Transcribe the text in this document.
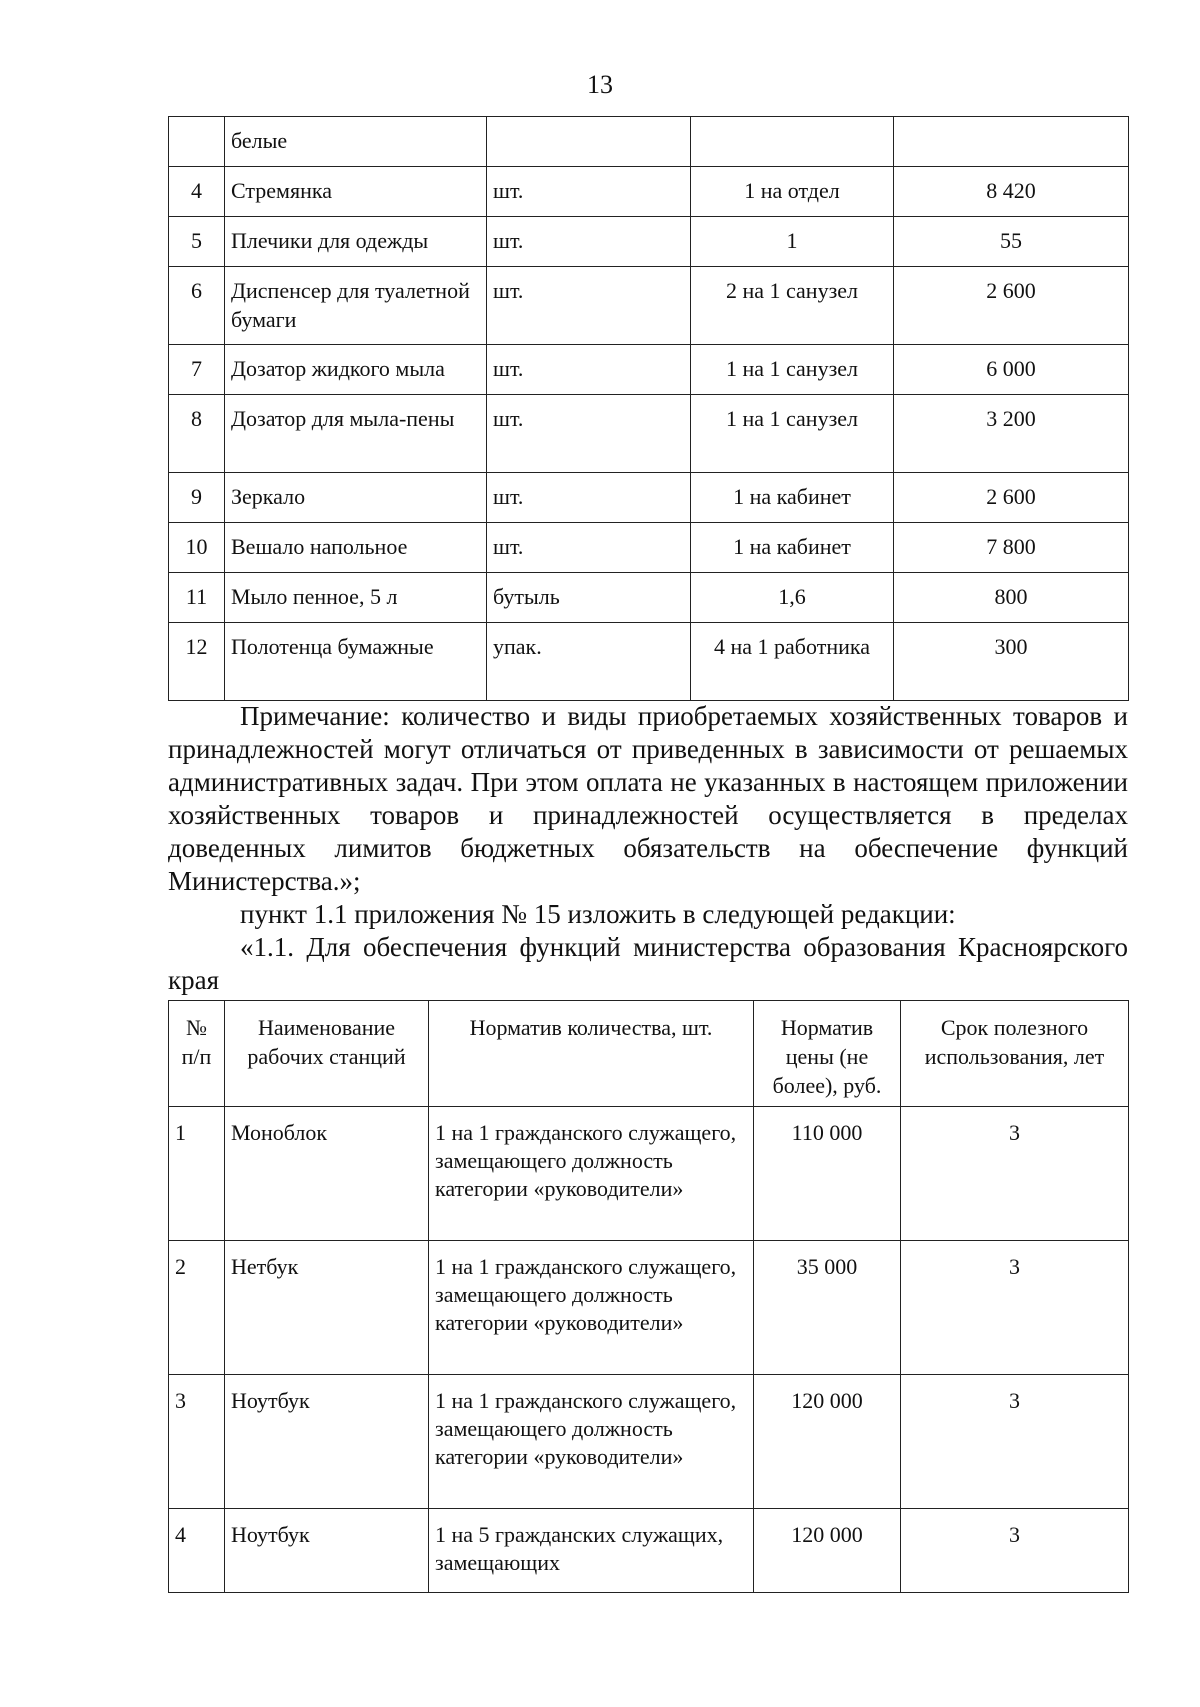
13
	белые			
4	Стремянка	шт.	1 на отдел	8 420
5	Плечики для одежды	шт.	1	55
6	Диспенсер для туалетной бумаги	шт.	2 на 1 санузел	2 600
7	Дозатор жидкого мыла	шт.	1 на 1 санузел	6 000
8	Дозатор для мыла-пены	шт.	1 на 1 санузел	3 200
9	Зеркало	шт.	1 на кабинет	2 600
10	Вешало напольное	шт.	1 на кабинет	7 800
11	Мыло пенное, 5 л	бутыль	1,6	800
12	Полотенца бумажные	упак.	4 на 1 работника	300

Примечание: количество и виды приобретаемых хозяйственных товаров и принадлежностей могут отличаться от приведенных в зависимости от решаемых административных задач. При этом оплата не указанных в настоящем приложении хозяйственных товаров и принадлежностей осуществляется в пределах доведенных лимитов бюджетных обязательств на обеспечение функций Министерства.»;

пункт 1.1 приложения № 15 изложить в следующей редакции:

«1.1. Для обеспечения функций министерства образования Красноярского края

№ п/п	Наименование рабочих станций	Норматив количества, шт.	Норматив цены (не более), руб.	Срок полезного использования, лет
1	Моноблок	1 на 1 гражданского служащего, замещающего должность категории «руководители»	110 000	3
2	Нетбук	1 на 1 гражданского служащего, замещающего должность категории «руководители»	35 000	3
3	Ноутбук	1 на 1 гражданского служащего, замещающего должность категории «руководители»	120 000	3
4	Ноутбук	1 на 5 гражданских служащих, замещающих	120 000	3
